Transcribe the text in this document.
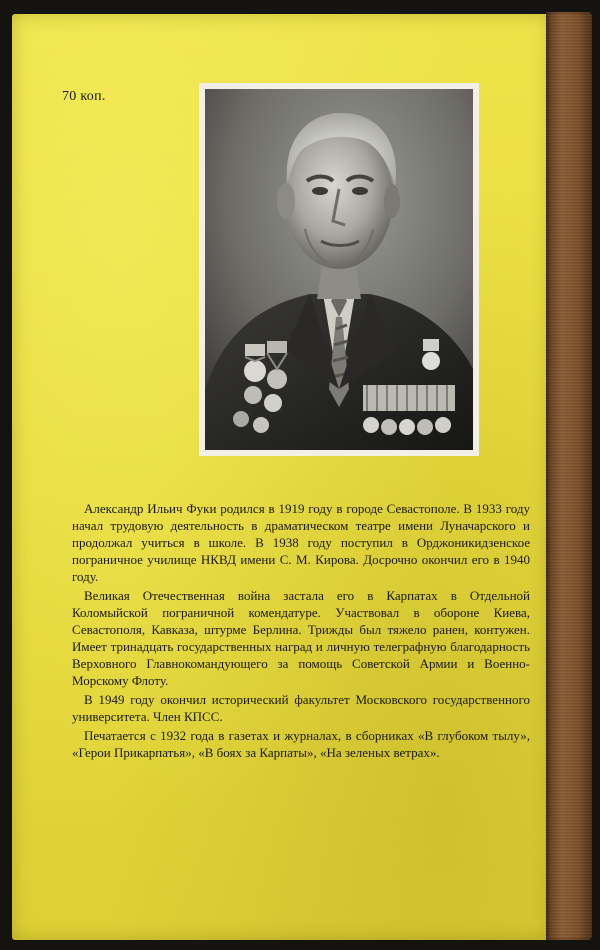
70 коп.

Александр Ильич Фуки родился в 1919 году в городе Севастополе. В 1933 году начал трудовую деятельность в драматическом театре имени Луначарского и продолжал учиться в школе. В 1938 году поступил в Орджоникидзенское пограничное училище НКВД имени С. М. Кирова. Досрочно окончил его в 1940 году.

Великая Отечественная война застала его в Карпатах в Отдельной Коломыйской пограничной комендатуре. Участвовал в обороне Киева, Севастополя, Кавказа, штурме Берлина. Трижды был тяжело ранен, контужен. Имеет тринадцать государственных наград и личную телеграфную благодарность Верховного Главнокомандующего за помощь Советской Армии и Военно-Морскому Флоту.

В 1949 году окончил исторический факультет Московского государственного университета. Член КПСС.

Печатается с 1932 года в газетах и журналах, в сборниках «В глубоком тылу», «Герои Прикарпатья», «В боях за Карпаты», «На зеленых ветрах».
